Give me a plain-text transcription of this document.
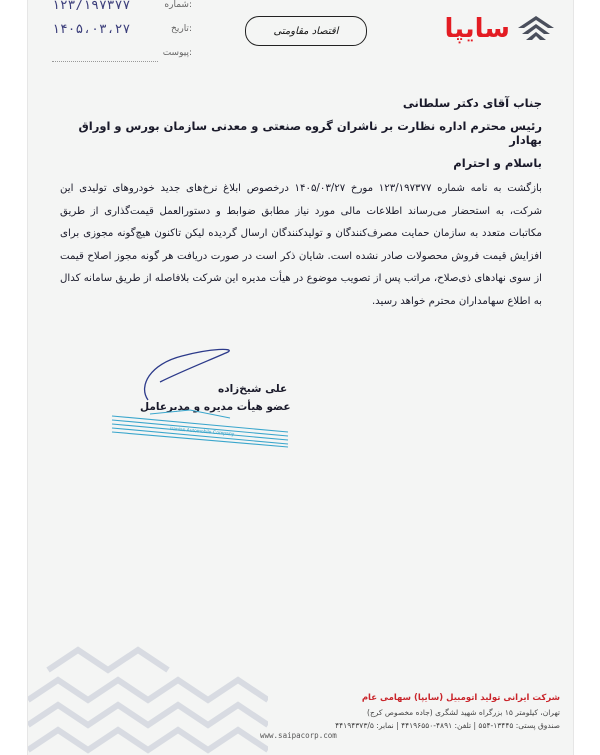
۱۲۳/۱۹۷۳۷۷	شماره:
۱۴۰۵،۰۳،۲۷	تاریخ:
پیوست:
اقتصاد مقاومتی	سایپا
جناب آقای دکتر سلطانی
رئیس محترم اداره نظارت بر ناشران گروه صنعتی و معدنی سازمان بورس و اوراق بهادار
باسلام و احترام
بازگشت به نامه شماره ۱۲۳/۱۹۷۳۷۷ مورخ ۱۴۰۵/۰۳/۲۷ درخصوص ابلاغ نرخ‌های جدید خودروهای تولیدی این شرکت، به استحضار می‌رساند اطلاعات مالی مورد نیاز مطابق ضوابط و دستورالعمل قیمت‌گذاری از طریق مکاتبات متعدد به سازمان حمایت مصرف‌کنندگان و تولیدکنندگان ارسال گردیده لیکن تاکنون هیچ‌گونه مجوزی برای افزایش قیمت فروش محصولات صادر نشده است. شایان ذکر است در صورت دریافت هر گونه مجوز اصلاح قیمت از سوی نهادهای ذی‌صلاح، مراتب پس از تصویب موضوع در هیأت مدیره این شرکت بلافاصله از طریق سامانه کدال به اطلاع سهامداران محترم خواهد رسید.
علی شیخ‌زاده
عضو هیأت مدیره و مدیرعامل
Iranian Automobile Company
شرکت ایرانی تولید اتومبیل (سایپا) سهامی عام
تهران، کیلومتر ۱۵ بزرگراه شهید لشگری (جاده مخصوص کرج)
صندوق پستی: ۱۳۴۴۵-۵۵۴ | تلفن: ۴۸۹۱-۴۴۱۹۶۵۵۰ | نمابر: ۴۴۱۹۴۳۷۳/۵
www.saipacorp.com
